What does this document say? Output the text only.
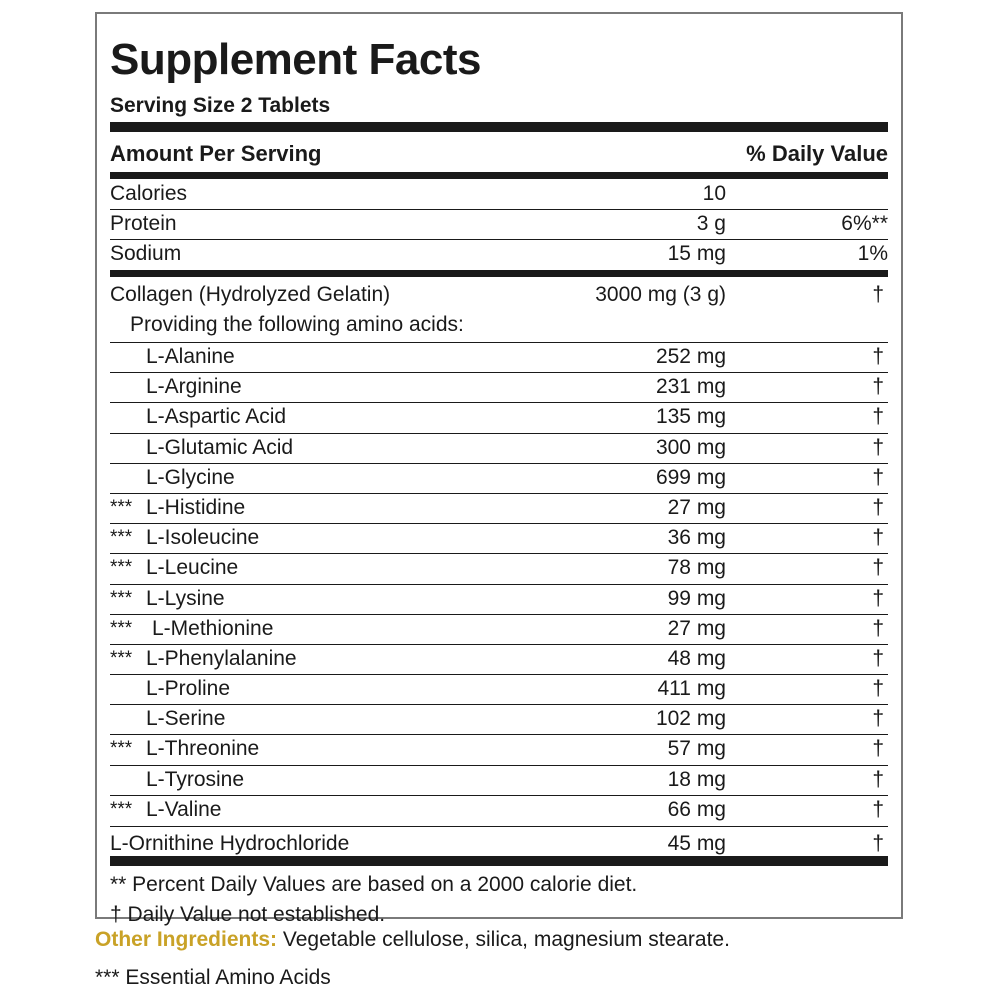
Supplement Facts
Serving Size 2 Tablets
Amount Per Serving	% Daily Value
Calories	10
Protein	3 g	6%**
Sodium	15 mg	1%
Collagen (Hydrolyzed Gelatin)	3000 mg (3 g)	†
Providing the following amino acids:
L-Alanine	252 mg	†
L-Arginine	231 mg	†
L-Aspartic Acid	135 mg	†
L-Glutamic Acid	300 mg	†
L-Glycine	699 mg	†
*** L-Histidine	27 mg	†
*** L-Isoleucine	36 mg	†
*** L-Leucine	78 mg	†
*** L-Lysine	99 mg	†
*** L-Methionine	27 mg	†
*** L-Phenylalanine	48 mg	†
L-Proline	411 mg	†
L-Serine	102 mg	†
*** L-Threonine	57 mg	†
L-Tyrosine	18 mg	†
*** L-Valine	66 mg	†
L-Ornithine Hydrochloride	45 mg	†
** Percent Daily Values are based on a 2000 calorie diet.
† Daily Value not established.
Other Ingredients: Vegetable cellulose, silica, magnesium stearate.
*** Essential Amino Acids
